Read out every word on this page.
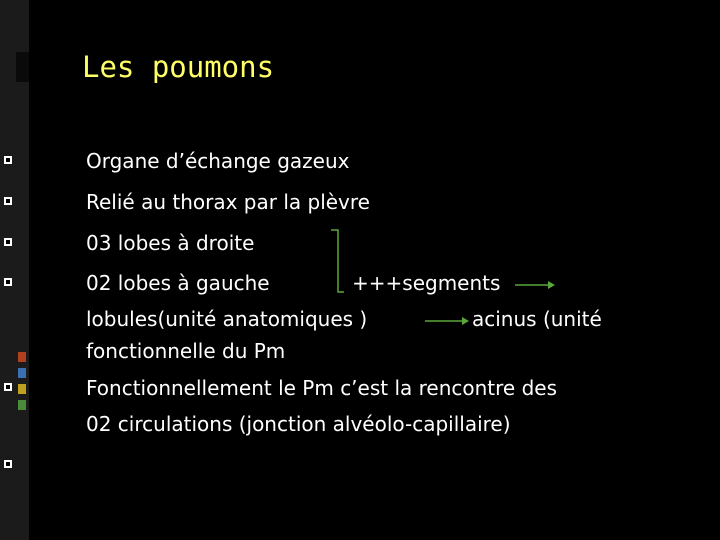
Les poumons
Organe d’échange gazeux
Relié au thorax par la plèvre
03 lobes à droite
02 lobes à gauche	+++segments
lobules(unité anatomiques )	acinus (unité
fonctionnelle du Pm
Fonctionnellement le Pm c’est la rencontre des
02 circulations (jonction alvéolo-capillaire)
